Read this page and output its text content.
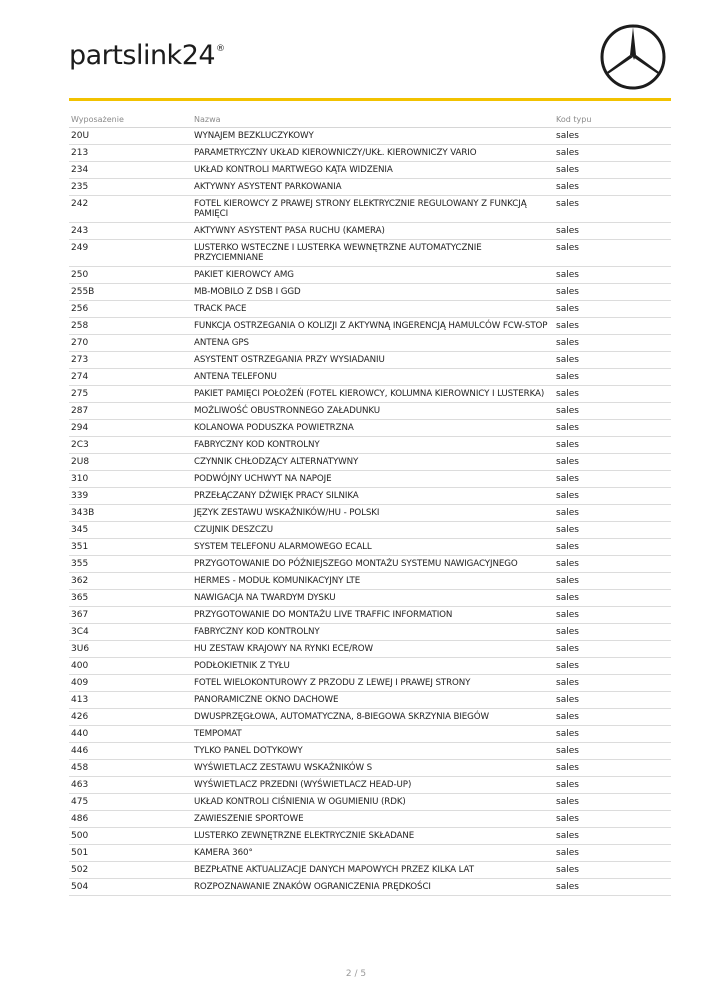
partslink24®
Wyposażenie	Nazwa	Kod typu
20U	WYNAJEM BEZKLUCZYKOWY	sales
213	PARAMETRYCZNY UKŁAD KIEROWNICZY/UKŁ. KIEROWNICZY VARIO	sales
234	UKŁAD KONTROLI MARTWEGO KĄTA WIDZENIA	sales
235	AKTYWNY ASYSTENT PARKOWANIA	sales
242	FOTEL KIEROWCY Z PRAWEJ STRONY ELEKTRYCZNIE REGULOWANY Z FUNKCJĄ PAMIĘCI	sales
243	AKTYWNY ASYSTENT PASA RUCHU (KAMERA)	sales
249	LUSTERKO WSTECZNE I LUSTERKA WEWNĘTRZNE AUTOMATYCZNIE PRZYCIEMNIANE	sales
250	PAKIET KIEROWCY AMG	sales
255B	MB-MOBILO Z DSB I GGD	sales
256	TRACK PACE	sales
258	FUNKCJA OSTRZEGANIA O KOLIZJI Z AKTYWNĄ INGERENCJĄ HAMULCÓW FCW-STOP	sales
270	ANTENA GPS	sales
273	ASYSTENT OSTRZEGANIA PRZY WYSIADANIU	sales
274	ANTENA TELEFONU	sales
275	PAKIET PAMIĘCI POŁOŻEŃ (FOTEL KIEROWCY, KOLUMNA KIEROWNICY I LUSTERKA)	sales
287	MOŻLIWOŚĆ OBUSTRONNEGO ZAŁADUNKU	sales
294	KOLANOWA PODUSZKA POWIETRZNA	sales
2C3	FABRYCZNY KOD KONTROLNY	sales
2U8	CZYNNIK CHŁODZĄCY ALTERNATYWNY	sales
310	PODWÓJNY UCHWYT NA NAPOJE	sales
339	PRZEŁĄCZANY DŹWIĘK PRACY SILNIKA	sales
343B	JĘZYK ZESTAWU WSKAŹNIKÓW/HU - POLSKI	sales
345	CZUJNIK DESZCZU	sales
351	SYSTEM TELEFONU ALARMOWEGO ECALL	sales
355	PRZYGOTOWANIE DO PÓŹNIEJSZEGO MONTAŻU SYSTEMU NAWIGACYJNEGO	sales
362	HERMES - MODUŁ KOMUNIKACYJNY LTE	sales
365	NAWIGACJA NA TWARDYM DYSKU	sales
367	PRZYGOTOWANIE DO MONTAŻU LIVE TRAFFIC INFORMATION	sales
3C4	FABRYCZNY KOD KONTROLNY	sales
3U6	HU ZESTAW KRAJOWY NA RYNKI ECE/ROW	sales
400	PODŁOKIETNIK Z TYŁU	sales
409	FOTEL WIELOKONTUROWY Z PRZODU Z LEWEJ I PRAWEJ STRONY	sales
413	PANORAMICZNE OKNO DACHOWE	sales
426	DWUSPRZĘGŁOWA, AUTOMATYCZNA, 8-BIEGOWA SKRZYNIA BIEGÓW	sales
440	TEMPOMAT	sales
446	TYLKO PANEL DOTYKOWY	sales
458	WYŚWIETLACZ ZESTAWU WSKAŹNIKÓW S	sales
463	WYŚWIETLACZ PRZEDNI (WYŚWIETLACZ HEAD-UP)	sales
475	UKŁAD KONTROLI CIŚNIENIA W OGUMIENIU (RDK)	sales
486	ZAWIESZENIE SPORTOWE	sales
500	LUSTERKO ZEWNĘTRZNE ELEKTRYCZNIE SKŁADANE	sales
501	KAMERA 360°	sales
502	BEZPŁATNE AKTUALIZACJE DANYCH MAPOWYCH PRZEZ KILKA LAT	sales
504	ROZPOZNAWANIE ZNAKÓW OGRANICZENIA PRĘDKOŚCI	sales
2 / 5
